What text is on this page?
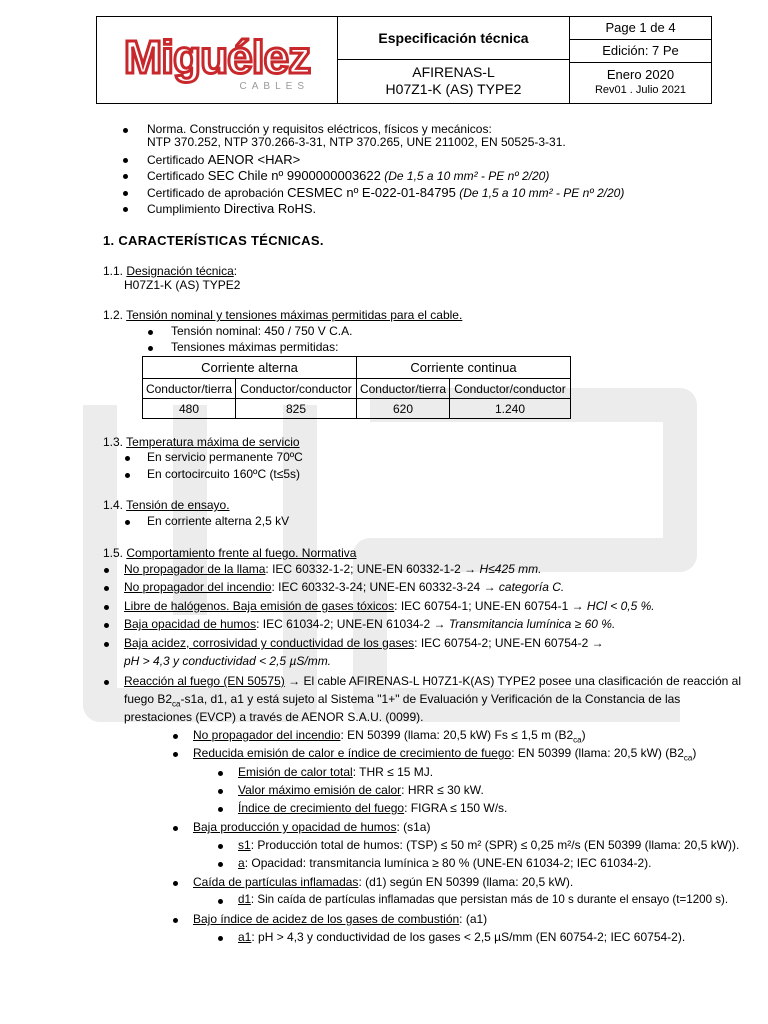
Miguélez
CABLES
Especificación técnica
AFIRENAS-L
H07Z1-K (AS) TYPE2
Page 1 de 4
Edición: 7 Pe
Enero 2020
Rev01 . Julio 2021
Norma. Construcción y requisitos eléctricos, físicos y mecánicos:
NTP 370.252, NTP 370.266-3-31, NTP 370.265, UNE 211002, EN 50525-3-31.
Certificado AENOR <HAR>
Certificado SEC Chile nº 9900000003622 (De 1,5 a 10 mm² - PE nº 2/20)
Certificado de aprobación CESMEC nº E-022-01-84795 (De 1,5 a 10 mm² - PE nº 2/20)
Cumplimiento Directiva RoHS.
1. CARACTERÍSTICAS TÉCNICAS.
1.1. Designación técnica:
H07Z1-K (AS) TYPE2
1.2. Tensión nominal y tensiones máximas permitidas para el cable.
Tensión nominal: 450 / 750 V C.A.
Tensiones máximas permitidas:
Corriente alterna		Corriente continua	
Conductor/tierra	Conductor/conductor	Conductor/tierra	Conductor/conductor
480	825	620	1.240
1.3. Temperatura máxima de servicio
En servicio permanente 70ºC
En cortocircuito 160ºC (t≤5s)
1.4. Tensión de ensayo.
En corriente alterna 2,5 kV
1.5. Comportamiento frente al fuego. Normativa
No propagador de la llama: IEC 60332-1-2; UNE-EN 60332-1-2 → H≤425 mm.
No propagador del incendio: IEC 60332-3-24; UNE-EN 60332-3-24 → categoría C.
Libre de halógenos. Baja emisión de gases tóxicos: IEC 60754-1; UNE-EN 60754-1 → HCl < 0,5 %.
Baja opacidad de humos: IEC 61034-2; UNE-EN 61034-2 → Transmitancia lumínica ≥ 60 %.
Baja acidez, corrosividad y conductividad de los gases: IEC 60754-2; UNE-EN 60754-2 →
pH > 4,3 y conductividad < 2,5 µS/mm.
Reacción al fuego (EN 50575) → El cable AFIRENAS-L H07Z1-K(AS) TYPE2 posee una clasificación de reacción al
fuego $B2_{ca}-s1a$, d1, a1 y está sujeto al Sistema "1+" de Evaluación y Verificación de la Constancia de las
prestaciones (EVCP) a través de AENOR S.A.U. (0099).
No propagador del incendio: EN 50399 (llama: 20,5 kW) Fs ≤ 1,5 m $(B2_{ca})$
Reducida emisión de calor e índice de crecimiento de fuego: EN 50399 (llama: 20,5 kW) $(B2_{ca})$
Emisión de calor total: THR ≤ 15 MJ.
Valor máximo emisión de calor: HRR ≤ 30 kW.
Índice de crecimiento del fuego: FIGRA ≤ 150 W/s.
Baja producción y opacidad de humos: (s1a)
s1: Producción total de humos: (TSP) ≤ 50 m² (SPR) ≤ 0,25 m²/s (EN 50399 (llama: 20,5 kW)).
a: Opacidad: transmitancia lumínica ≥ 80 % (UNE-EN 61034-2; IEC 61034-2).
Caída de partículas inflamadas: (d1) según EN 50399 (llama: 20,5 kW).
d1: Sin caída de partículas inflamadas que persistan más de 10 s durante el ensayo (t=1200 s).
Bajo índice de acidez de los gases de combustión: (a1)
a1: pH > 4,3 y conductividad de los gases < 2,5 µS/mm (EN 60754-2; IEC 60754-2).
